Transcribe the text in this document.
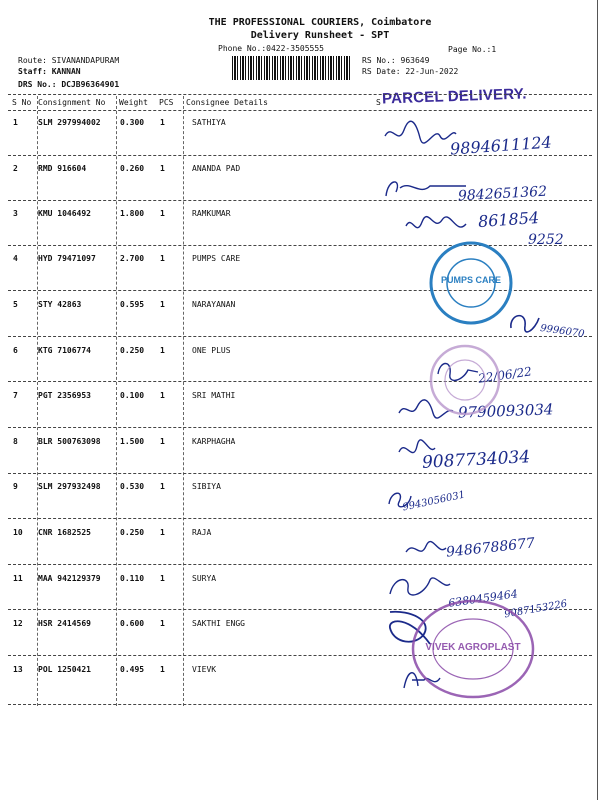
THE PROFESSIONAL COURIERS, Coimbatore
Delivery Runsheet - SPT
Phone No.:0422-3505555	Page No.:1
Route: SIVANANDAPURAM
Staff: KANNAN
DRS No.: DCJB96364901
RS No.: 963649
RS Date: 22-Jun-2022
PARCEL DELIVERY.
S No Consignment No Weight PCS Consignee Details	S
1	SLM 297994002 0.300 1	SATHIYA
2	RMD 916604	0.260 1	ANANDA PAD
3	KMU 1046492	1.800 1	RAMKUMAR
4	HYD 79471097	2.700 1	PUMPS CARE
5	STY 42863	0.595 1	NARAYANAN
6	KTG 7106774	0.250 1	ONE PLUS
7	PGT 2356953	0.100 1	SRI MATHI
8	BLR 500763098 1.500 1	KARPHAGHA
9	SLM 297932498 0.530 1	SIBIYA
10 CNR 1682525	0.250 1	RAJA
11 MAA 942129379 0.110 1	SURYA
12 HSR 2414569	0.600 1	SAKTHI ENGG
13 POL 1250421	0.495 1	VIEVK
9894611124
9842651362
861854
9252
9996070
22/06/22
9790093034
9087734034
9943056031
9486788677
6380459464
9087153226
PUMPS CARE
VIVEK AGROPLAST
